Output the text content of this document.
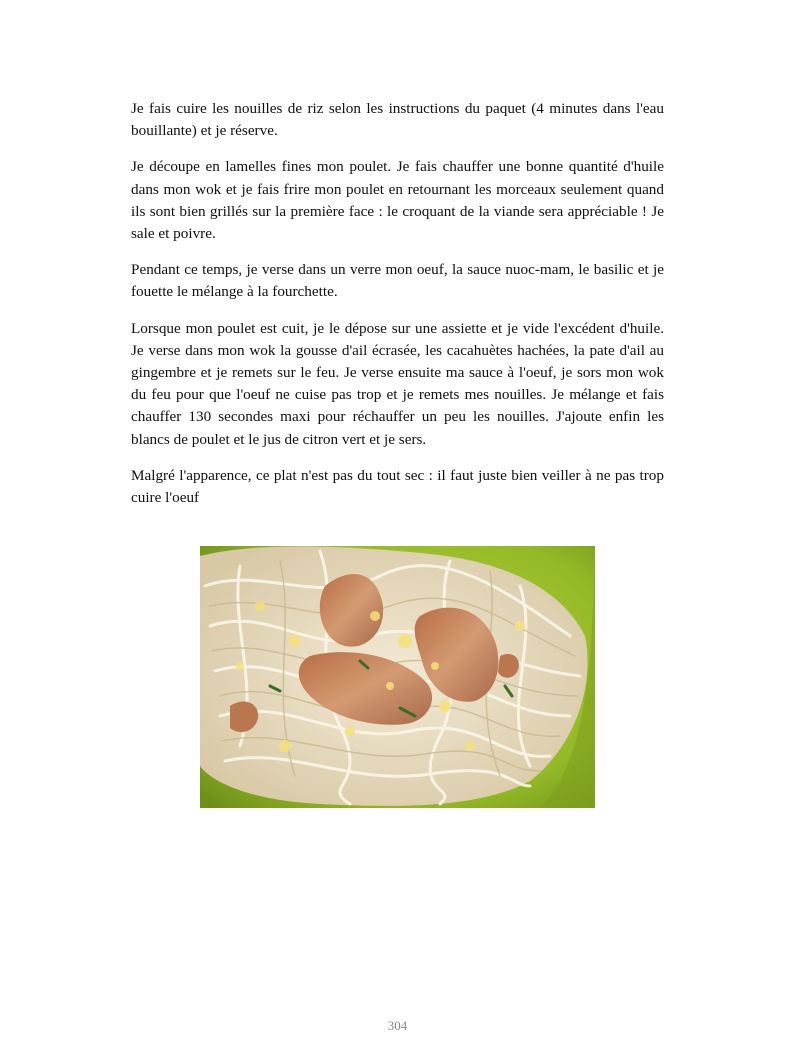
Je fais cuire les nouilles de riz selon les instructions du paquet (4 minutes dans l'eau bouillante) et je réserve.

Je découpe en lamelles fines mon poulet. Je fais chauffer une bonne quantité d'huile dans mon wok et je fais frire mon poulet en retournant les morceaux seulement quand ils sont bien grillés sur la première face : le croquant de la viande sera appréciable ! Je sale et poivre.

Pendant ce temps, je verse dans un verre mon oeuf, la sauce nuoc-mam, le basilic et je fouette le mélange à la fourchette.

Lorsque mon poulet est cuit, je le dépose sur une assiette et je vide l'excédent d'huile. Je verse dans mon wok la gousse d'ail écrasée, les cacahuètes hachées, la pate d'ail au gingembre et je remets sur le feu. Je verse ensuite ma sauce à l'oeuf, je sors mon wok du feu pour que l'oeuf ne cuise pas trop et je remets mes nouilles. Je mélange et fais chauffer 130 secondes maxi pour réchauffer un peu les nouilles. J'ajoute enfin les blancs de poulet et le jus de citron vert et je sers.

Malgré l'apparence, ce plat n'est pas du tout sec : il faut juste bien veiller à ne pas trop cuire l'oeuf

304
